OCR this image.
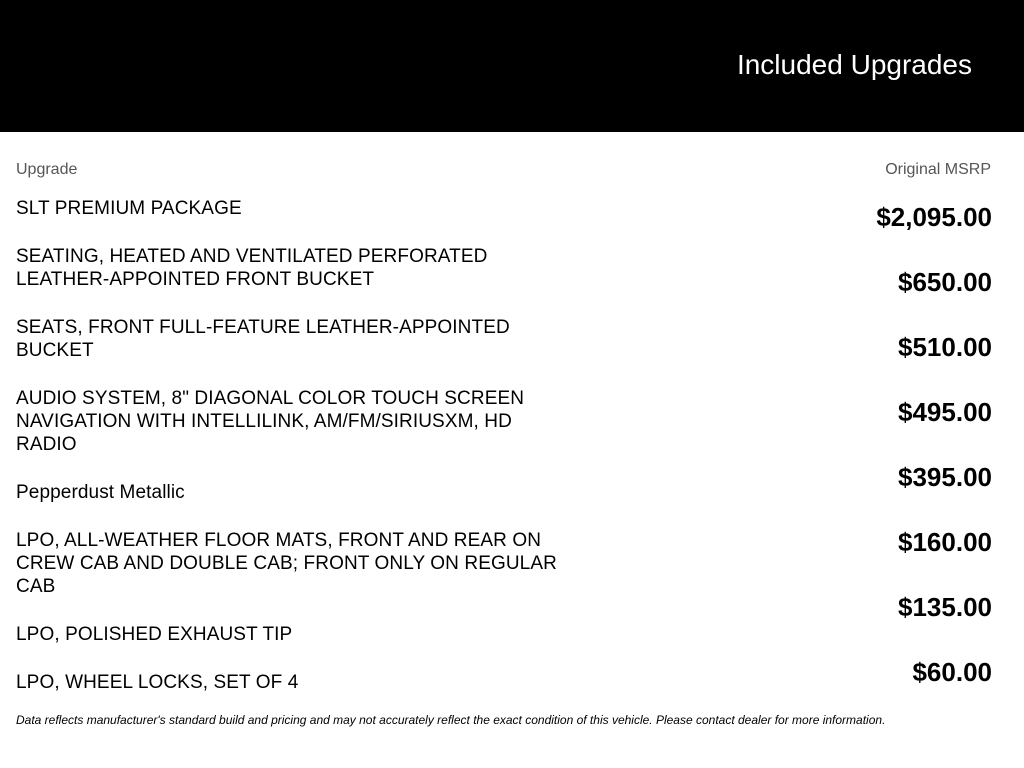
Included Upgrades
Upgrade	Original MSRP
SLT PREMIUM PACKAGE
SEATING, HEATED AND VENTILATED PERFORATED LEATHER-APPOINTED FRONT BUCKET
SEATS, FRONT FULL-FEATURE LEATHER-APPOINTED BUCKET
AUDIO SYSTEM, 8" DIAGONAL COLOR TOUCH SCREEN NAVIGATION WITH INTELLILINK, AM/FM/SIRIUSXM, HD RADIO
Pepperdust Metallic
LPO, ALL-WEATHER FLOOR MATS, FRONT AND REAR ON CREW CAB AND DOUBLE CAB; FRONT ONLY ON REGULAR CAB
LPO, POLISHED EXHAUST TIP
LPO, WHEEL LOCKS, SET OF 4
$2,095.00
$650.00
$510.00
$495.00
$395.00
$160.00
$135.00
$60.00
Data reflects manufacturer's standard build and pricing and may not accurately reflect the exact condition of this vehicle. Please contact dealer for more information.
